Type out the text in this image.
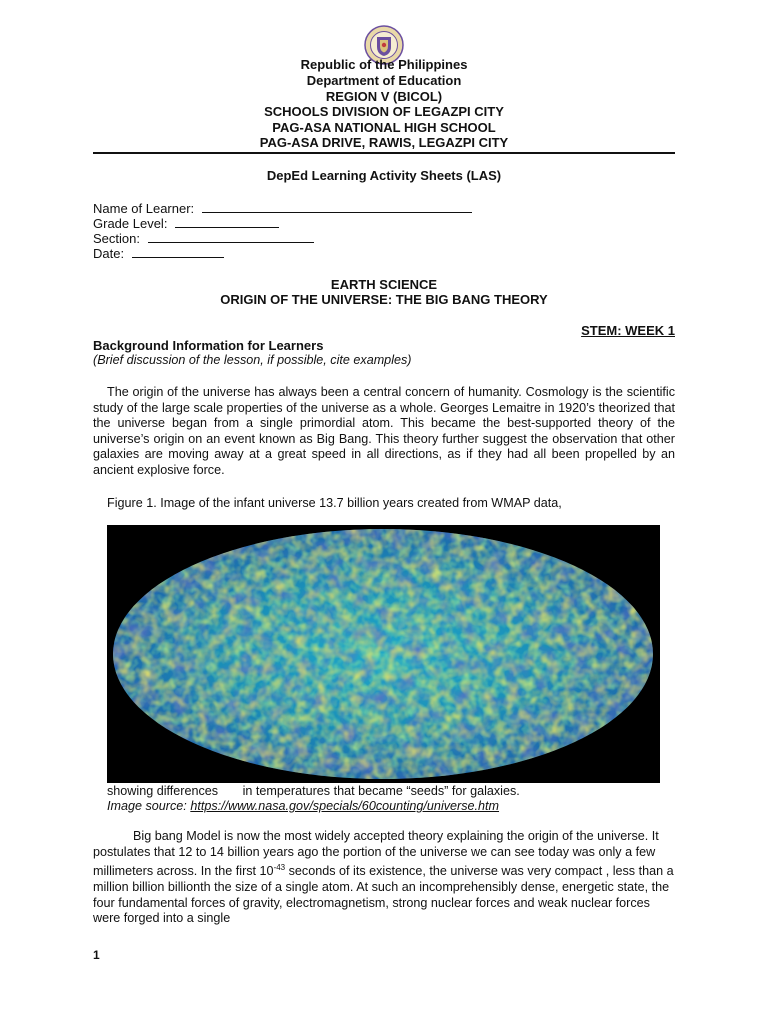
Republic of the Philippines
Department of Education
REGION V (BICOL)
SCHOOLS DIVISION OF LEGAZPI CITY
PAG-ASA NATIONAL HIGH SCHOOL
PAG-ASA DRIVE, RAWIS, LEGAZPI CITY
DepEd Learning Activity Sheets (LAS)
Name of Learner:
Grade Level:
Section:
Date:
EARTH SCIENCE
ORIGIN OF THE UNIVERSE: THE BIG BANG THEORY
STEM: WEEK 1
Background Information for Learners
(Brief discussion of the lesson, if possible, cite examples)
The origin of the universe has always been a central concern of humanity. Cosmology is the scientific study of the large scale properties of the universe as a whole. Georges Lemaitre in 1920’s theorized that the universe began from a single primordial atom. This became the best-supported theory of the universe’s origin on an event known as Big Bang. This theory further suggest the observation that other galaxies are moving away at a great speed in all directions, as if they had all been propelled by an ancient explosive force.
Figure 1. Image of the infant universe 13.7 billion years created from WMAP data,
showing differences       in temperatures that became “seeds” for galaxies.
Image source: https://www.nasa.gov/specials/60counting/universe.htm
Big bang Model is now the most widely accepted theory explaining the origin of the universe. It postulates that 12 to 14 billion years ago the portion of the universe we can see today was only a few millimeters across. In the first $10^{-43}$ seconds of its existence, the universe was very compact , less than a million billion billionth the size of a single atom. At such an incomprehensibly dense, energetic state, the four fundamental forces of gravity, electromagnetism, strong nuclear forces and weak nuclear forces were forged into a single
1
